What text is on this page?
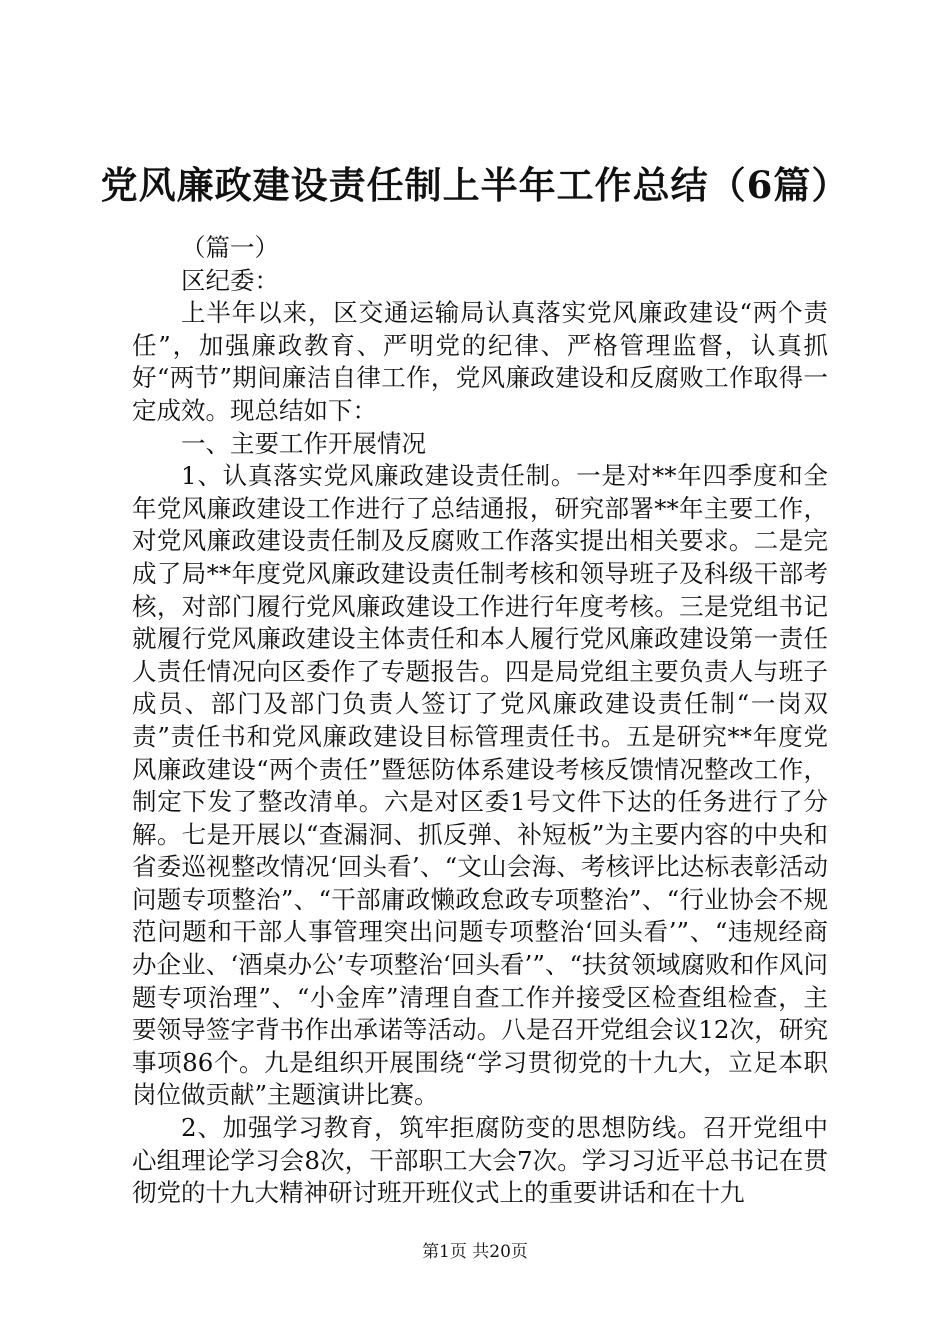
党风廉政建设责任制上半年工作总结（6篇）

（篇一）

区纪委：

上半年以来，区交通运输局认真落实党风廉政建设“两个责任”，加强廉政教育、严明党的纪律、严格管理监督，认真抓好“两节”期间廉洁自律工作，党风廉政建设和反腐败工作取得一定成效。现总结如下：

一、主要工作开展情况

1、认真落实党风廉政建设责任制。一是对**年四季度和全年党风廉政建设工作进行了总结通报，研究部署**年主要工作，对党风廉政建设责任制及反腐败工作落实提出相关要求。二是完成了局**年度党风廉政建设责任制考核和领导班子及科级干部考核，对部门履行党风廉政建设工作进行年度考核。三是党组书记就履行党风廉政建设主体责任和本人履行党风廉政建设第一责任人责任情况向区委作了专题报告。四是局党组主要负责人与班子成员、部门及部门负责人签订了党风廉政建设责任制“一岗双责”责任书和党风廉政建设目标管理责任书。五是研究**年度党风廉政建设“两个责任”暨惩防体系建设考核反馈情况整改工作，制定下发了整改清单。六是对区委1号文件下达的任务进行了分解。七是开展以“查漏洞、抓反弹、补短板”为主要内容的中央和省委巡视整改情况‘回头看’、“文山会海、考核评比达标表彰活动问题专项整治”、“干部庸政懒政怠政专项整治”、“行业协会不规范问题和干部人事管理突出问题专项整治‘回头看’”、“违规经商办企业、‘酒桌办公’专项整治‘回头看’”、“扶贫领域腐败和作风问题专项治理”、“小金库”清理自查工作并接受区检查组检查，主要领导签字背书作出承诺等活动。八是召开党组会议12次，研究事项86个。九是组织开展围绕“学习贯彻党的十九大，立足本职岗位做贡献”主题演讲比赛。

2、加强学习教育，筑牢拒腐防变的思想防线。召开党组中心组理论学习会8次，干部职工大会7次。学习习近平总书记在贯彻党的十九大精神研讨班开班仪式上的重要讲话和在十九

第1页 共20页
